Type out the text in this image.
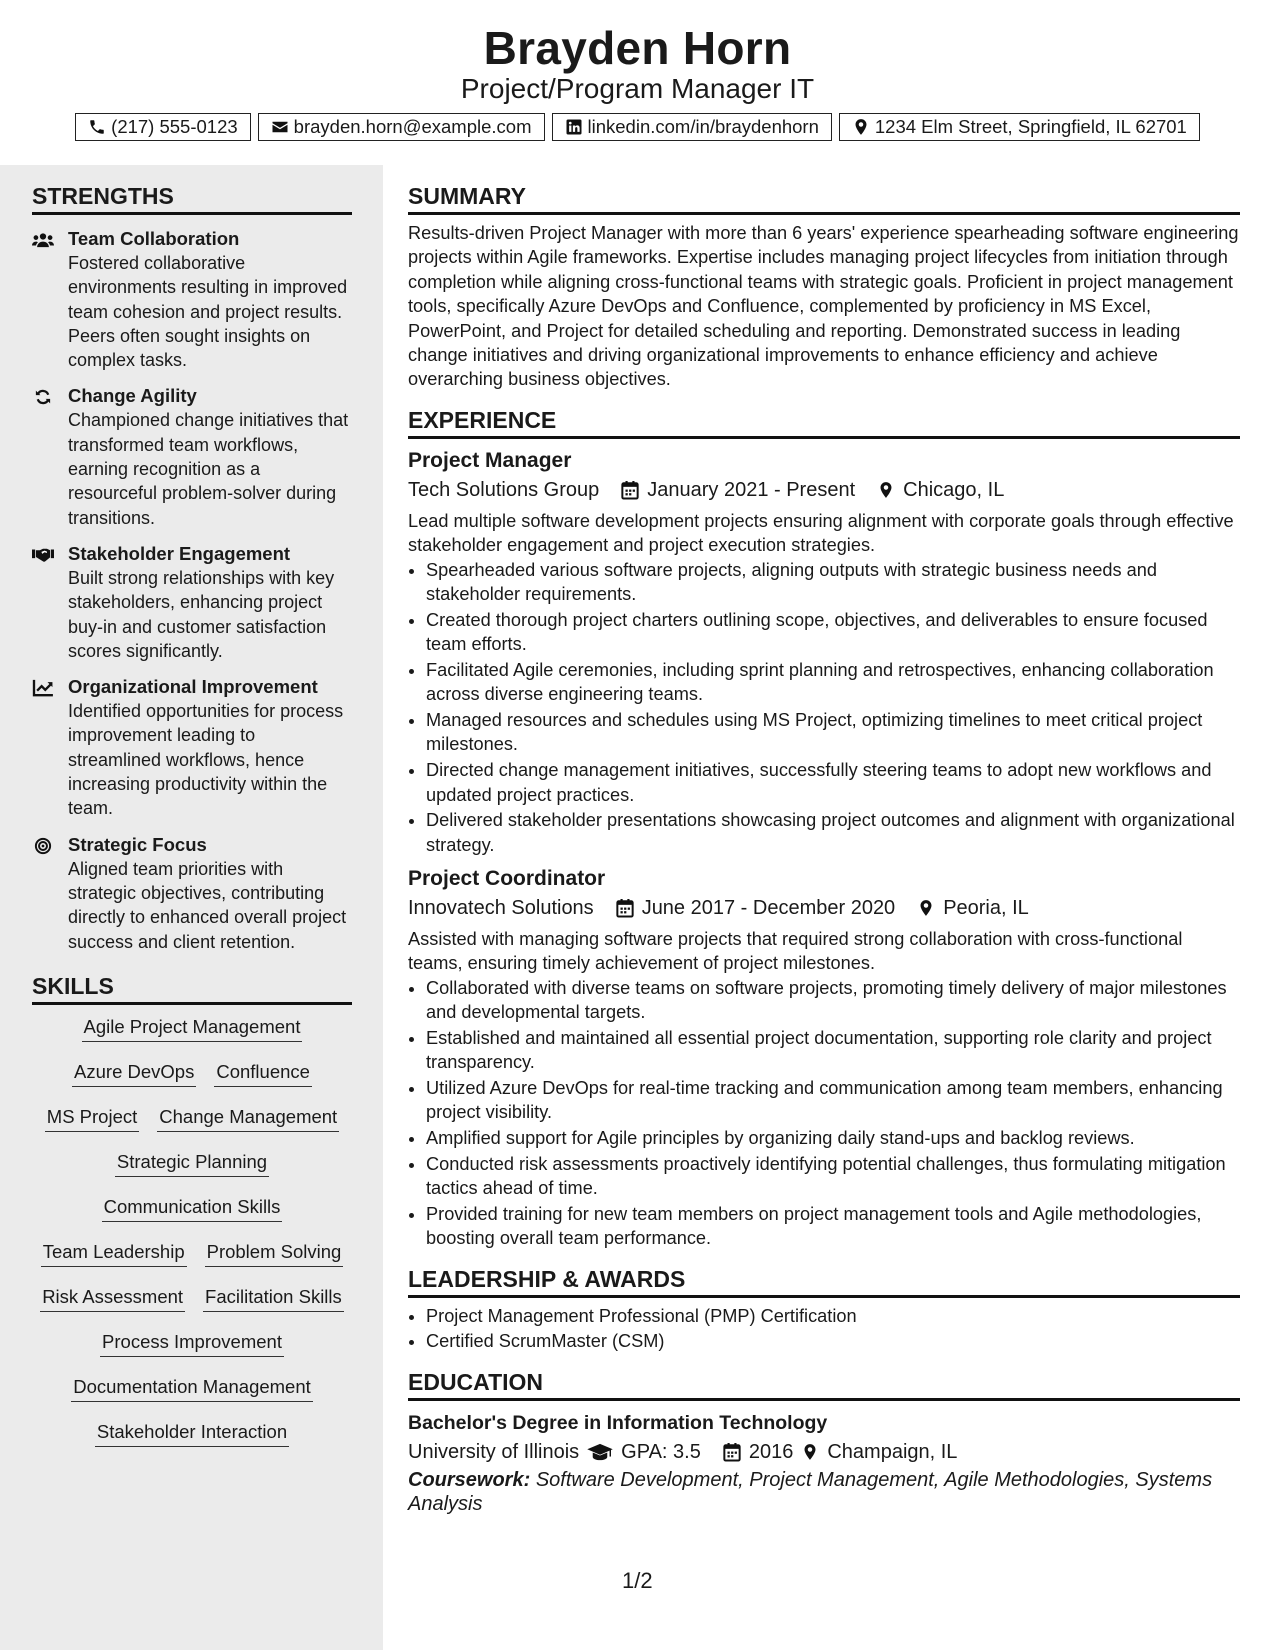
Brayden Horn
Project/Program Manager IT
(217) 555-0123	brayden.horn@example.com	linkedin.com/in/braydenhorn	1234 Elm Street, Springfield, IL 62701
STRENGTHS
Team Collaboration
Fostered collaborative environments resulting in improved team cohesion and project results. Peers often sought insights on complex tasks.
Change Agility
Championed change initiatives that transformed team workflows, earning recognition as a resourceful problem-solver during transitions.
Stakeholder Engagement
Built strong relationships with key stakeholders, enhancing project buy-in and customer satisfaction scores significantly.
Organizational Improvement
Identified opportunities for process improvement leading to streamlined workflows, hence increasing productivity within the team.
Strategic Focus
Aligned team priorities with strategic objectives, contributing directly to enhanced overall project success and client retention.
SKILLS
Agile Project Management
Azure DevOps Confluence
MS Project Change Management
Strategic Planning
Communication Skills
Team Leadership Problem Solving
Risk Assessment Facilitation Skills
Process Improvement
Documentation Management
Stakeholder Interaction
SUMMARY

Results-driven Project Manager with more than 6 years' experience spearheading software engineering projects within Agile frameworks. Expertise includes managing project lifecycles from initiation through completion while aligning cross-functional teams with strategic goals. Proficient in project management tools, specifically Azure DevOps and Confluence, complemented by proficiency in MS Excel, PowerPoint, and Project for detailed scheduling and reporting. Demonstrated success in leading change initiatives and driving organizational improvements to enhance efficiency and achieve overarching business objectives.

EXPERIENCE
Project Manager
Tech Solutions Group January 2021 - Present Chicago, IL

Lead multiple software development projects ensuring alignment with corporate goals through effective stakeholder engagement and project execution strategies.

• Spearheaded various software projects, aligning outputs with strategic business needs and stakeholder requirements.
• Created thorough project charters outlining scope, objectives, and deliverables to ensure focused team efforts.
• Facilitated Agile ceremonies, including sprint planning and retrospectives, enhancing collaboration across diverse engineering teams.
• Managed resources and schedules using MS Project, optimizing timelines to meet critical project milestones.
• Directed change management initiatives, successfully steering teams to adopt new workflows and updated project practices.
• Delivered stakeholder presentations showcasing project outcomes and alignment with organizational strategy.
Project Coordinator
Innovatech Solutions June 2017 - December 2020 Peoria, IL

Assisted with managing software projects that required strong collaboration with cross-functional teams, ensuring timely achievement of project milestones.

• Collaborated with diverse teams on software projects, promoting timely delivery of major milestones and developmental targets.
• Established and maintained all essential project documentation, supporting role clarity and project transparency.
• Utilized Azure DevOps for real-time tracking and communication among team members, enhancing project visibility.
• Amplified support for Agile principles by organizing daily stand-ups and backlog reviews.
• Conducted risk assessments proactively identifying potential challenges, thus formulating mitigation tactics ahead of time.
• Provided training for new team members on project management tools and Agile methodologies, boosting overall team performance.
LEADERSHIP & AWARDS
• Project Management Professional (PMP) Certification
• Certified ScrumMaster (CSM)
EDUCATION
Bachelor's Degree in Information Technology
University of Illinois GPA: 3.5 2016 Champaign, IL
Coursework: Software Development, Project Management, Agile Methodologies, Systems Analysis
1/2
